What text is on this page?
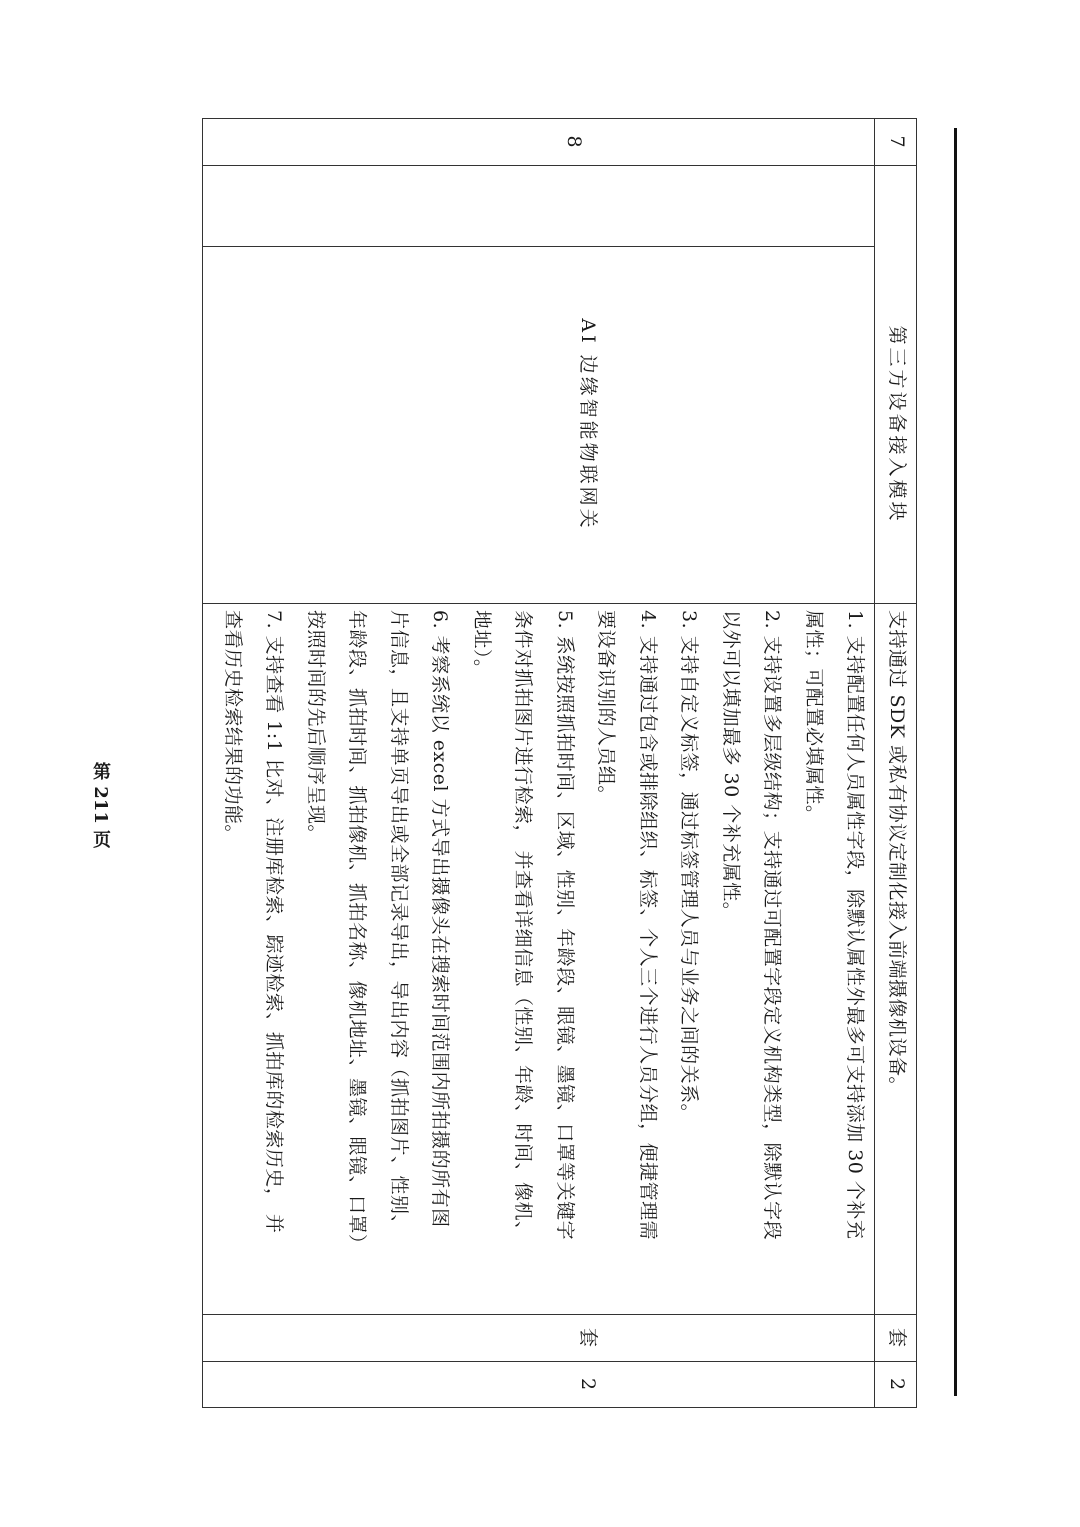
7
第三方设备接入模块
套
2
8
AI 边缘智能物联网关
套
2

支持通过 SDK 或私有协议定制化接入前端摄像机设备。

1. 支持配置任何人员属性字段，除默认属性外最多可支持添加 30 个补充

属性；可配置必填属性。

2. 支持设置多层级结构；支持通过可配置字段定义机构类型，除默认字段

以外可以填加最多 30 个补充属性。

3. 支持自定义标签，通过标签管理人员与业务之间的关系。

4. 支持通过包含或排除组织、标签、个人三个进行人员分组，便捷管理需

要设备识别的人员组。

5. 系统按照抓拍时间、区域、性别、年龄段、眼镜、墨镜、口罩等关键字

条件对抓拍图片进行检索， 并查看详细信息（性别、年龄、时间、像机、

地址）。

6. 考察系统以 excel 方式导出摄像头在搜索时间范围内所拍摄的所有图

片信息，且支持单页导出或全部记录导出，导出内容（抓拍图片、性别、

年龄段、抓拍时间、抓拍像机、抓拍名称、像机地址、墨镜、眼镜、口罩）

按照时间的先后顺序呈现。

7. 支持查看 1:1 比对、注册库检索、踪迹检索、抓拍库的检索历史， 并

查看历史检索结果的功能。

第 211 页
